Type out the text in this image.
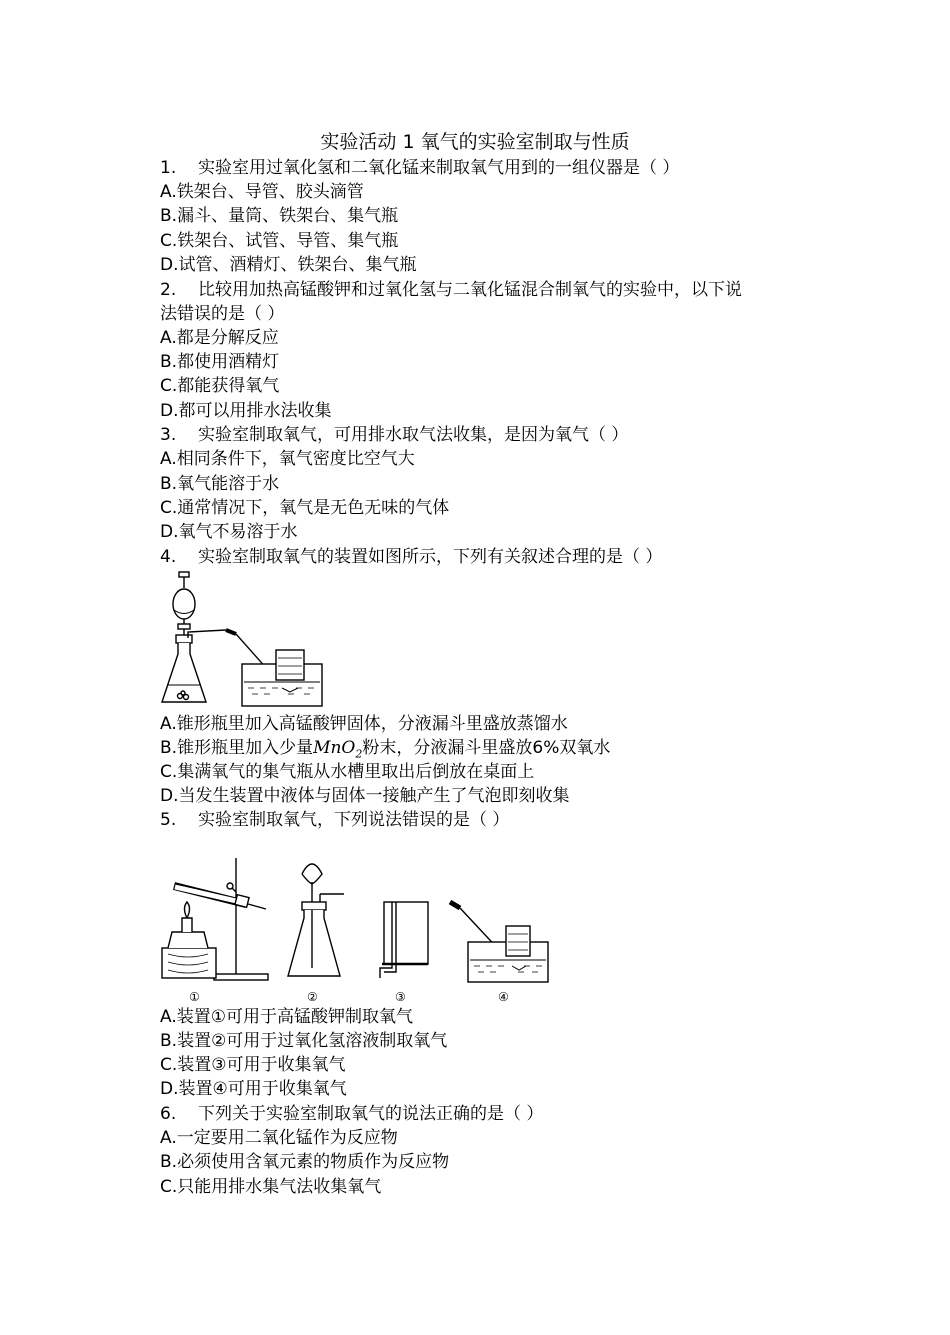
实验活动 1 氧气的实验室制取与性质
1. 实验室用过氧化氢和二氧化锰来制取氧气用到的一组仪器是（ ）
A.铁架台、导管、胶头滴管
B.漏斗、量筒、铁架台、集气瓶
C.铁架台、试管、导管、集气瓶
D.试管、酒精灯、铁架台、集气瓶
2. 比较用加热高锰酸钾和过氧化氢与二氧化锰混合制氧气的实验中，以下说
法错误的是（ ）
A.都是分解反应
B.都使用酒精灯
C.都能获得氧气
D.都可以用排水法收集
3. 实验室制取氧气，可用排水取气法收集，是因为氧气（ ）
A.相同条件下，氧气密度比空气大
B.氧气能溶于水
C.通常情况下，氧气是无色无味的气体
D.氧气不易溶于水
4. 实验室制取氧气的装置如图所示，下列有关叙述合理的是（ ）
A.锥形瓶里加入高锰酸钾固体，分液漏斗里盛放蒸馏水
B.锥形瓶里加入少量MnO$_2$粉末，分液漏斗里盛放6%双氧水
C.集满氧气的集气瓶从水槽里取出后倒放在桌面上
D.当发生装置中液体与固体一接触产生了气泡即刻收集
5. 实验室制取氧气，下列说法错误的是（ ）
①	②	③	④
A.装置①可用于高锰酸钾制取氧气
B.装置②可用于过氧化氢溶液制取氧气
C.装置③可用于收集氧气
D.装置④可用于收集氧气
6. 下列关于实验室制取氧气的说法正确的是（ ）
A.一定要用二氧化锰作为反应物
B.必须使用含氧元素的物质作为反应物
C.只能用排水集气法收集氧气
